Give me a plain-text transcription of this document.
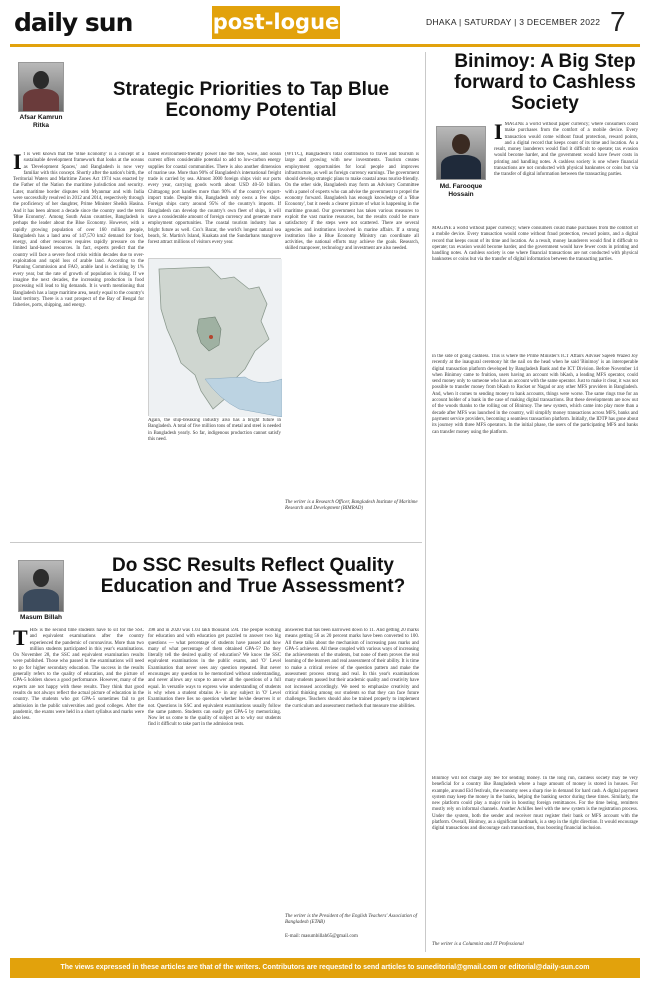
daily sun	post-logue	DHAKA | SATURDAY | 3 DECEMBER 2022 7
Afsar Kamrun Ritka
Strategic Priorities to Tap Blue Economy Potential
It is well known that the 'Blue Economy' is a concept of a sustainable development framework that looks at the oceans as 'Development Spaces,' and Bangladesh is now very familiar with this concept. Shortly after the nation's birth, the Territorial Waters and Maritime Zones Act 1974 was enacted by the Father of the Nation the maritime jurisdiction and security. Later, maritime border disputes with Myanmar and with India were successfully resolved in 2012 and 2014, respectively through the proficiency of her daughter, Prime Minister Sheikh Hasina. And it has been almost a decade since the country used the term 'Blue Economy'. Among South Asian countries, Bangladesh is perhaps the leader about the Blue Economy. However, with a rapidly growing population of over 160 million people, Bangladesh has a land area of 147,570 km2 demand for food, energy, and other resources requires rapidly pressure on the limited land-based resources. In fact, experts predict that the country will face a severe food crisis within decades due to over-exploitation and rapid loss of arable land. According to the Planning Commission and FAO, arable land is declining by 1% every year, but the rate of growth of population is rising. If we imagine the next decades, the increasing production in food processing will lead to big demands. It is worth mentioning that Bangladesh has a large maritime area, nearly equal to the country's land territory. There is a vast prospect of the Bay of Bengal for fisheries, ports, shipping, and energy.
based environment-friendly power like the tide, wave, and ocean current offers considerable potential to add to low-carbon energy supplies for coastal communities. There is also another dimension of marine use. More than 90% of Bangladesh's international freight trade is carried by sea. Almost 3000 foreign ships visit our ports every year, carrying goods worth about USD 40-50 billion. Chittagong port handles more than 90% of the country's export-import trade. Despite this, Bangladesh only owns a few ships. Foreign ships carry around 95% of the country's imports. If Bangladesh can develop the country's own fleet of ships, it will save a considerable amount of foreign currency and generate more employment opportunities. The coastal tourism industry has a bright future as well. Cox's Bazar, the world's longest natural sea beach, St. Martin's Island, Kuakata and the Sundarbans mangrove forest attract millions of visitors every year.
Again, the ship-breaking industry also has a bright future in Bangladesh. A total of five million tons of metal and steel is needed in Bangladesh yearly. So far, indigenous production cannot satisfy this need.
(WTTC), Bangladesh's total contribution to travel and tourism is large and growing with new investments. Tourism creates employment opportunities for local people and improves infrastructure, as well as foreign currency earnings. The government should develop strategic plans to make coastal areas tourist-friendly. On the other side, Bangladesh may form an Advisory Committee with a panel of experts who can advise the government to propel the economy forward. Bangladesh has enough knowledge of a 'Blue Economy', but it needs a clearer picture of what is happening in the maritime ground. Our government has taken various measures to exploit the vast marine resources, but the results could be more satisfactory if the steps were not scattered. There are several agencies and institutions involved in marine affairs. If a strong institution like a Blue Economy Ministry can coordinate all activities, the national efforts may achieve the goals. Research, skilled manpower, technology and investment are also needed.
The writer is a Research Officer, Bangladesh Institute of Maritime Research and Development (BIMRAD)
Binimoy: A Big Step forward to Cashless Society
Md. Farooque Hossain
IMAGINE a world without paper currency; where consumers could make purchases from the comfort of a mobile device. Every transaction would come without fraud protection, reward points, and a digital record that keeps count of its time and location. As a result, money launderers would find it difficult to operate; tax evasion would become harder, and the government would have fewer costs in printing and handling notes. A cashless society is one where financial transactions are not conducted with physical banknotes or coins but via the transfer of digital information between the transacting parties.
MAGINE a world without paper currency; where consumers could make purchases from the comfort of a mobile device. Every transaction would come without fraud protection, reward points, and a digital record that keeps count of its time and location. As a result, money launderers would find it difficult to operate; tax evasion would become harder, and the government would have fewer costs in printing and handling notes. A cashless society is one where financial transactions are not conducted with physical banknotes or coins but via the transfer of digital information between the transacting parties.
in the side of going cashless. This is where the Prime Minister's ICT Affairs Adviser Sajeeb Wazed Joy recently at the inaugural ceremony hit the nail on the head when he said 'Binimoy' is an interoperable digital transaction platform developed by Bangladesh Bank and the ICT Division. Before November 14 when Binimoy came to fruition, users having an account with bKash, a leading MFS operator, could send money only to someone who has an account with the same operator. Just to make it clear, it was not possible to transfer money from bKash to Rocket or Nagad or any other MFS providers in Bangladesh. And, when it comes to sending money to bank accounts, things were worse. The same rings true for an account holder of a bank in the case of making digital transactions. But these developments are now out of the woods thanks to the rolling out of Binimoy. The new system, which came into play more than a decade after MFS was launched in the country, will simplify money transactions across MFS, banks and payment service providers, becoming a seamless transaction platform. Initially, the IDTP has gone about its journey with three MFS operators. In the initial phase, the users of the participating MFS and banks can transfer money using the platform.
Binimoy will not charge any fee for sending money. In the long run, cashless society may be very beneficial for a country like Bangladesh where a huge amount of money is stored in houses. For example, around Eid festivals, the economy sees a sharp rise in demand for hard cash. A digital payment system may keep the money in the banks, helping the banking sector during these times. Similarly, the new platform could play a major role in boosting foreign remittances. For the time being, remitters mostly rely on informal channels. Another Achilles heel with the new system is the registration process. Under the system, both the sender and receiver must register their bank or MFS account with the platform. Overall, Binimoy, as a significant landmark, is a step in the right direction. It would encourage digital transactions and discourage cash transactions, thus boosting financial inclusion.
The writer is a Columnist and IT Professional
Do SSC Results Reflect Quality Education and True Assessment?
Masum Billah
THIS is the second time students have to sit for the SSC and equivalent examinations after the country experienced the pandemic of coronavirus. More than two million students participated in this year's examinations. On November 28, the SSC and equivalent examination results were published. Those who passed in the examinations will need to go for higher secondary education. The success in the results generally refers to the quality of education, and the picture of GPA-5 holders shows a good performance. However, many of the experts are not happy with these results. They think that good results do not always reflect the actual picture of education in the country. The students who got GPA-5 sometimes fail to get admission in the public universities and good colleges. After the pandemic, the exams were held in a short syllabus and marks were also less.
398 and in 2020 was 1.03 lakh thousand 594. The people working for education and with education get puzzled to answer two big questions — what percentage of students have passed and how many of what percentage of them obtained GPA-5? Do they literally tell the desired quality of education? We know the SSC equivalent examinations in the public exams, and 'O' Level Examination that never sees any question repeated. But never encourages any question to be memorized without understanding, and never allows any scope to answer all the questions of a full equal. In versatile ways to express wise understanding of students is why when a student obtains A+ in any subject in 'O' Level Examination there lies no question whether he/she deserves it or not. Questions in SSC and equivalent examinations usually follow the same pattern. Students can easily get GPA-5 by memorizing. Now let us come to the quality of subject as to why our students find it difficult to take part in the admission tests.
answered that has been narrowed down to 11. And getting 20 marks means getting 56 as 20 percent marks have been converted to 100. All these talks about the mechanism of increasing pass marks and GPA-5 achievers. All these coupled with various ways of increasing the achievements of the students, but none of them proves the real learning of the learners and real assessment of their ability. It is time to make a critical review of the question pattern and make the assessment process strong and real. In this year's examinations many students passed but their academic quality and creativity have not increased accordingly. We need to emphasize creativity and critical thinking among our students so that they can face future challenges. Teachers should also be trained properly to implement the curriculum and assessment methods that measure true abilities.
The writer is the President of the English Teachers' Association of Bangladesh (ETAB)
E-mail: masumbillah65@gmail.com
The views expressed in these articles are that of the writers. Contributors are requested to send articles to suneditorial@gmail.com or editorial@daily-sun.com
